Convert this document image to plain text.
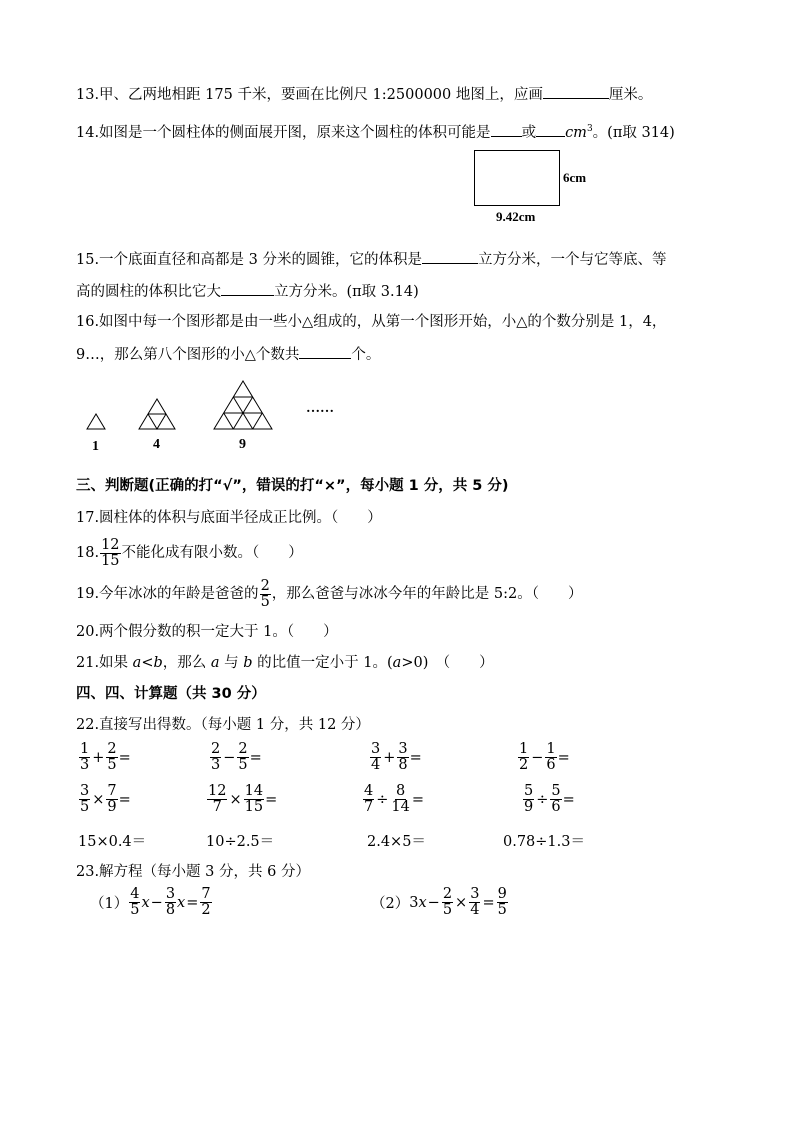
13.甲、乙两地相距 175 千米，要画在比例尺 1:2500000 地图上，应画	厘米。
14.如图是一个圆柱体的侧面展开图，原来这个圆柱的体积可能是 或 $cm^3$。(π取 314)
6cm
9.42cm
15.一个底面直径和高都是 3 分米的圆锥，它的体积是	立方分米，一个与它等底、等
高的圆柱的体积比它大	立方分米。(π取 3.14)
16.如图中每一个图形都是由一些小△组成的，从第一个图形开始，小△的个数分别是 1，4，
9…，那么第八个图形的小△个数共	个。
1	4	9
……
三、判断题(正确的打“√”，错误的打“×”，每小题 1 分，共 5 分)
17.圆柱体的体积与底面半径成正比例。（　　）
18. $\frac{12}{15}$ 不能化成有限小数。（　　）
19.今年冰冰的年龄是爸爸的 $\frac{2}{5}$ ，那么爸爸与冰冰今年的年龄比是 5:2。（　　）
20.两个假分数的积一定大于 1。（　　）
21.如果 a<b，那么 a 与 b 的比值一定小于 1。(a>0)　（　　）
四、四、计算题（共 30 分）
22.直接写出得数。（每小题 1 分，共 12 分）
$\frac{1}{3} + \frac{2}{5}$ =	$\frac{2}{3} - \frac{2}{5}$ =	$\frac{3}{4} + \frac{3}{8}$ =	$\frac{1}{2} - \frac{1}{6}$ =
$\frac{3}{5} \times \frac{7}{9}$ =	$\frac{12}{7} \times \frac{14}{15}$ =	$\frac{4}{7} \div \frac{8}{14}$ =	$\frac{5}{9} \div \frac{5}{6}$ =
15×0.4＝	10÷2.5＝	2.4×5＝	0.78÷1.3＝
23.解方程（每小题 3 分，共 6 分）
$(1) \frac{4}{5}$ $x - \frac{3}{8}$ $x = \frac{7}{2}$	（2） 3 $x - \frac{2}{5} \times \frac{3}{4} = \frac{9}{5}$
